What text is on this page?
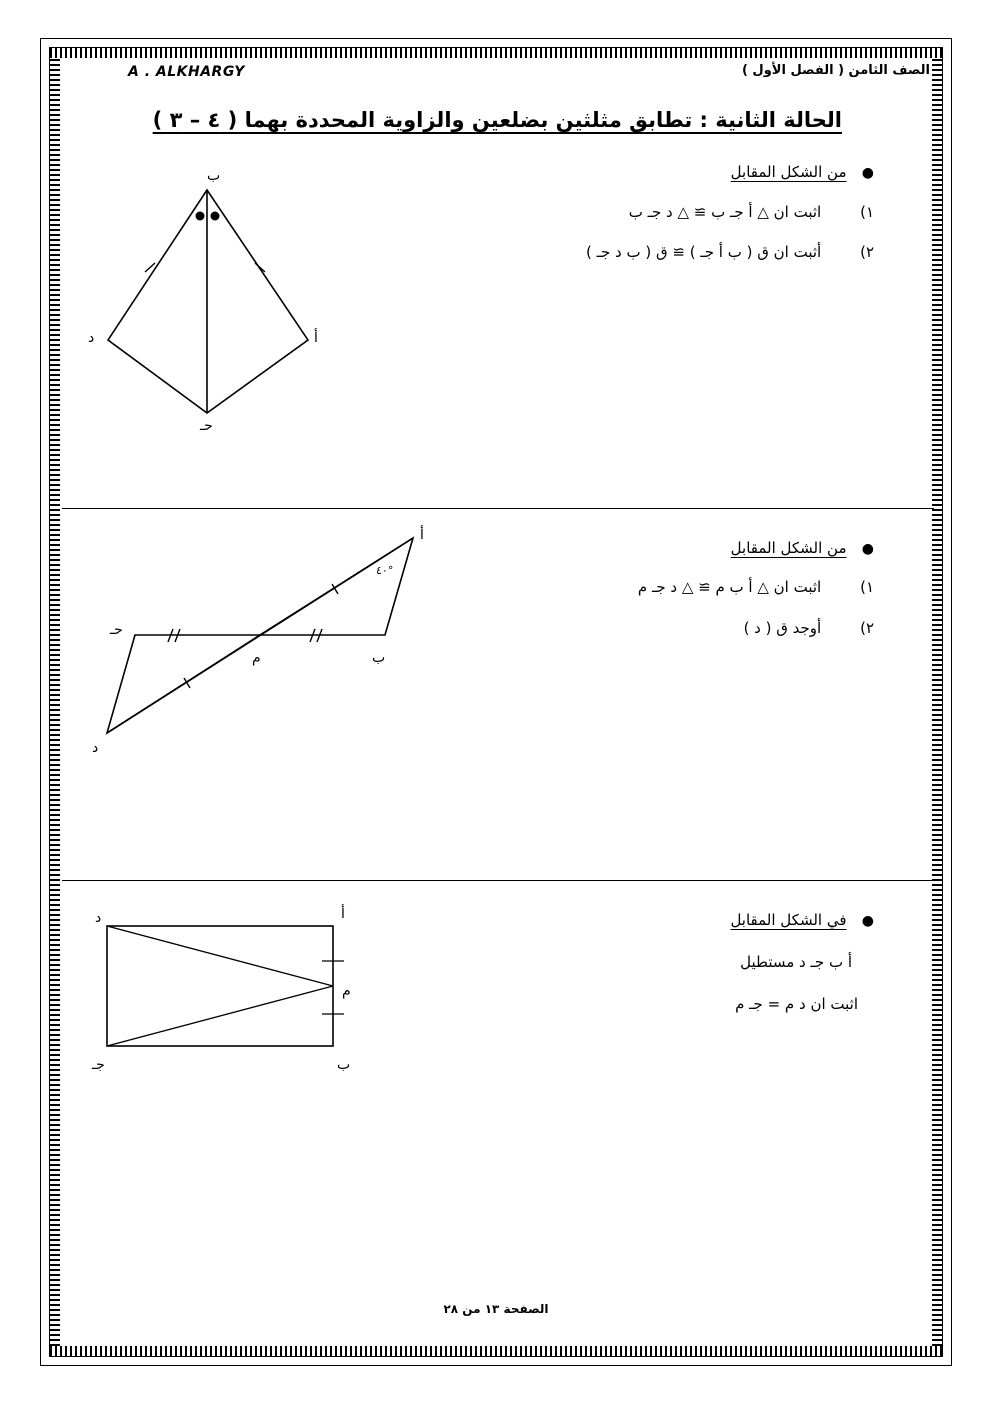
A . ALKHARGY	الصف الثامن ( الفصل الأول )
الحالة الثانية : تطابق مثلثين بضلعين والزاوية المحددة بهما ( ٤ – ٣ )
●   من الشكل المقابل
١) اثبت ان △ أ جـ ب ≅ △ د جـ ب
٢) أثبت ان ق ( ب أ جـ ) ≅ ق ( ب د جـ )
ب
د	أ
حـ
●   من الشكل المقابل
١) اثبت ان △ أ ب م ≅ △ د جـ م
٢) أوجد ق ( د )
أ
ب
حـ
د
م
٤٠°
●   في الشكل المقابل
أ ب جـ د مستطيل
اثبت ان د م = جـ م
أ
ب
جـ
د
م
الصفحة ١٣ من ٢٨
